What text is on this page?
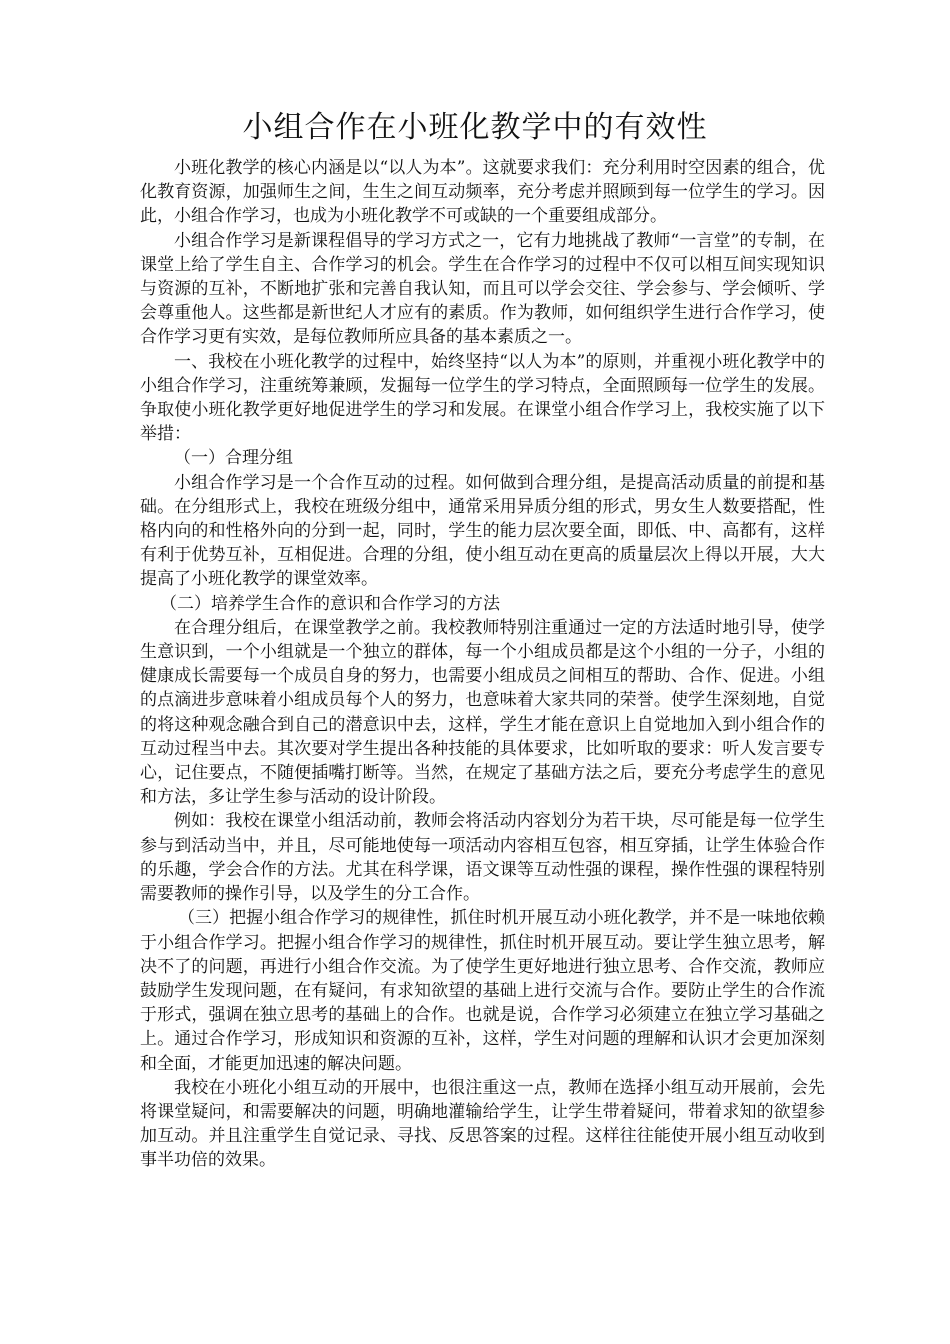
小组合作在小班化教学中的有效性

小班化教学的核心内涵是以“以人为本”。这就要求我们：充分利用时空因素的组合，优化教育资源，加强师生之间，生生之间互动频率，充分考虑并照顾到每一位学生的学习。因此，小组合作学习，也成为小班化教学不可或缺的一个重要组成部分。

小组合作学习是新课程倡导的学习方式之一，它有力地挑战了教师“一言堂”的专制，在课堂上给了学生自主、合作学习的机会。学生在合作学习的过程中不仅可以相互间实现知识与资源的互补，不断地扩张和完善自我认知，而且可以学会交往、学会参与、学会倾听、学会尊重他人。这些都是新世纪人才应有的素质。作为教师，如何组织学生进行合作学习，使合作学习更有实效，是每位教师所应具备的基本素质之一。

一、我校在小班化教学的过程中，始终坚持“以人为本”的原则，并重视小班化教学中的小组合作学习，注重统筹兼顾，发掘每一位学生的学习特点，全面照顾每一位学生的发展。争取使小班化教学更好地促进学生的学习和发展。在课堂小组合作学习上，我校实施了以下举措：

（一）合理分组

小组合作学习是一个合作互动的过程。如何做到合理分组，是提高活动质量的前提和基础。在分组形式上，我校在班级分组中，通常采用异质分组的形式，男女生人数要搭配，性格内向的和性格外向的分到一起，同时，学生的能力层次要全面，即低、中、高都有，这样有利于优势互补，互相促进。合理的分组，使小组互动在更高的质量层次上得以开展，大大提高了小班化教学的课堂效率。

（二）培养学生合作的意识和合作学习的方法

在合理分组后，在课堂教学之前。我校教师特别注重通过一定的方法适时地引导，使学生意识到，一个小组就是一个独立的群体，每一个小组成员都是这个小组的一分子，小组的健康成长需要每一个成员自身的努力，也需要小组成员之间相互的帮助、合作、促进。小组的点滴进步意味着小组成员每个人的努力，也意味着大家共同的荣誉。使学生深刻地，自觉的将这种观念融合到自己的潜意识中去，这样，学生才能在意识上自觉地加入到小组合作的互动过程当中去。其次要对学生提出各种技能的具体要求，比如听取的要求：听人发言要专心，记住要点，不随便插嘴打断等。当然，在规定了基础方法之后，要充分考虑学生的意见和方法，多让学生参与活动的设计阶段。

例如：我校在课堂小组活动前，教师会将活动内容划分为若干块，尽可能是每一位学生参与到活动当中，并且，尽可能地使每一项活动内容相互包容，相互穿插，让学生体验合作的乐趣，学会合作的方法。尤其在科学课，语文课等互动性强的课程，操作性强的课程特别需要教师的操作引导，以及学生的分工合作。

（三）把握小组合作学习的规律性，抓住时机开展互动小班化教学，并不是一味地依赖于小组合作学习。把握小组合作学习的规律性，抓住时机开展互动。要让学生独立思考，解决不了的问题，再进行小组合作交流。为了使学生更好地进行独立思考、合作交流，教师应鼓励学生发现问题，在有疑问，有求知欲望的基础上进行交流与合作。要防止学生的合作流于形式，强调在独立思考的基础上的合作。也就是说，合作学习必须建立在独立学习基础之上。通过合作学习，形成知识和资源的互补，这样，学生对问题的理解和认识才会更加深刻和全面，才能更加迅速的解决问题。

我校在小班化小组互动的开展中，也很注重这一点，教师在选择小组互动开展前，会先将课堂疑问，和需要解决的问题，明确地灌输给学生，让学生带着疑问，带着求知的欲望参加互动。并且注重学生自觉记录、寻找、反思答案的过程。这样往往能使开展小组互动收到事半功倍的效果。
